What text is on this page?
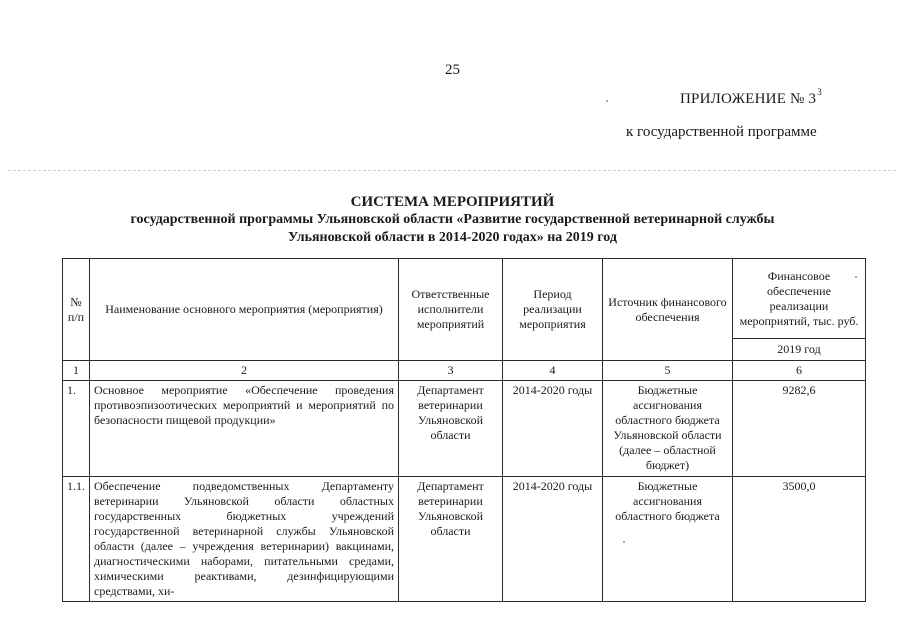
25
ПРИЛОЖЕНИЕ № $3^3$
к государственной программе
СИСТЕМА МЕРОПРИЯТИЙ
государственной программы Ульяновской области «Развитие государственной ветеринарной службы
Ульяновской области в 2014-2020 годах» на 2019 год
№ п/п	Наименование основного мероприятия (мероприятия)	Ответственные исполнители мероприятий	Период реализации мероприятия	Источник финансового обеспечения	Финансовое обеспечение реализации мероприятий, тыс. руб.
					2019 год
1	2	3	4	5	6
1.	Основное мероприятие «Обеспечение проведения противоэпизоотических мероприятий и мероприятий по безопасности пищевой продукции»	Департамент ветеринарии Ульяновской области	2014-2020 годы	Бюджетные ассигнования областного бюджета Ульяновской области (далее – областной бюджет)	9282,6
1.1.	Обеспечение подведомственных Департаменту ветеринарии Ульяновской области областных государственных бюджетных учреждений государственной ветеринарной службы Ульяновской области (далее – учреждения ветеринарии) вакцинами, диагностическими наборами, питательными средами, химическими реактивами, дезинфицирующими средствами, хи-	Департамент ветеринарии Ульяновской области	2014-2020 годы	Бюджетные ассигнования областного бюджета	3500,0
